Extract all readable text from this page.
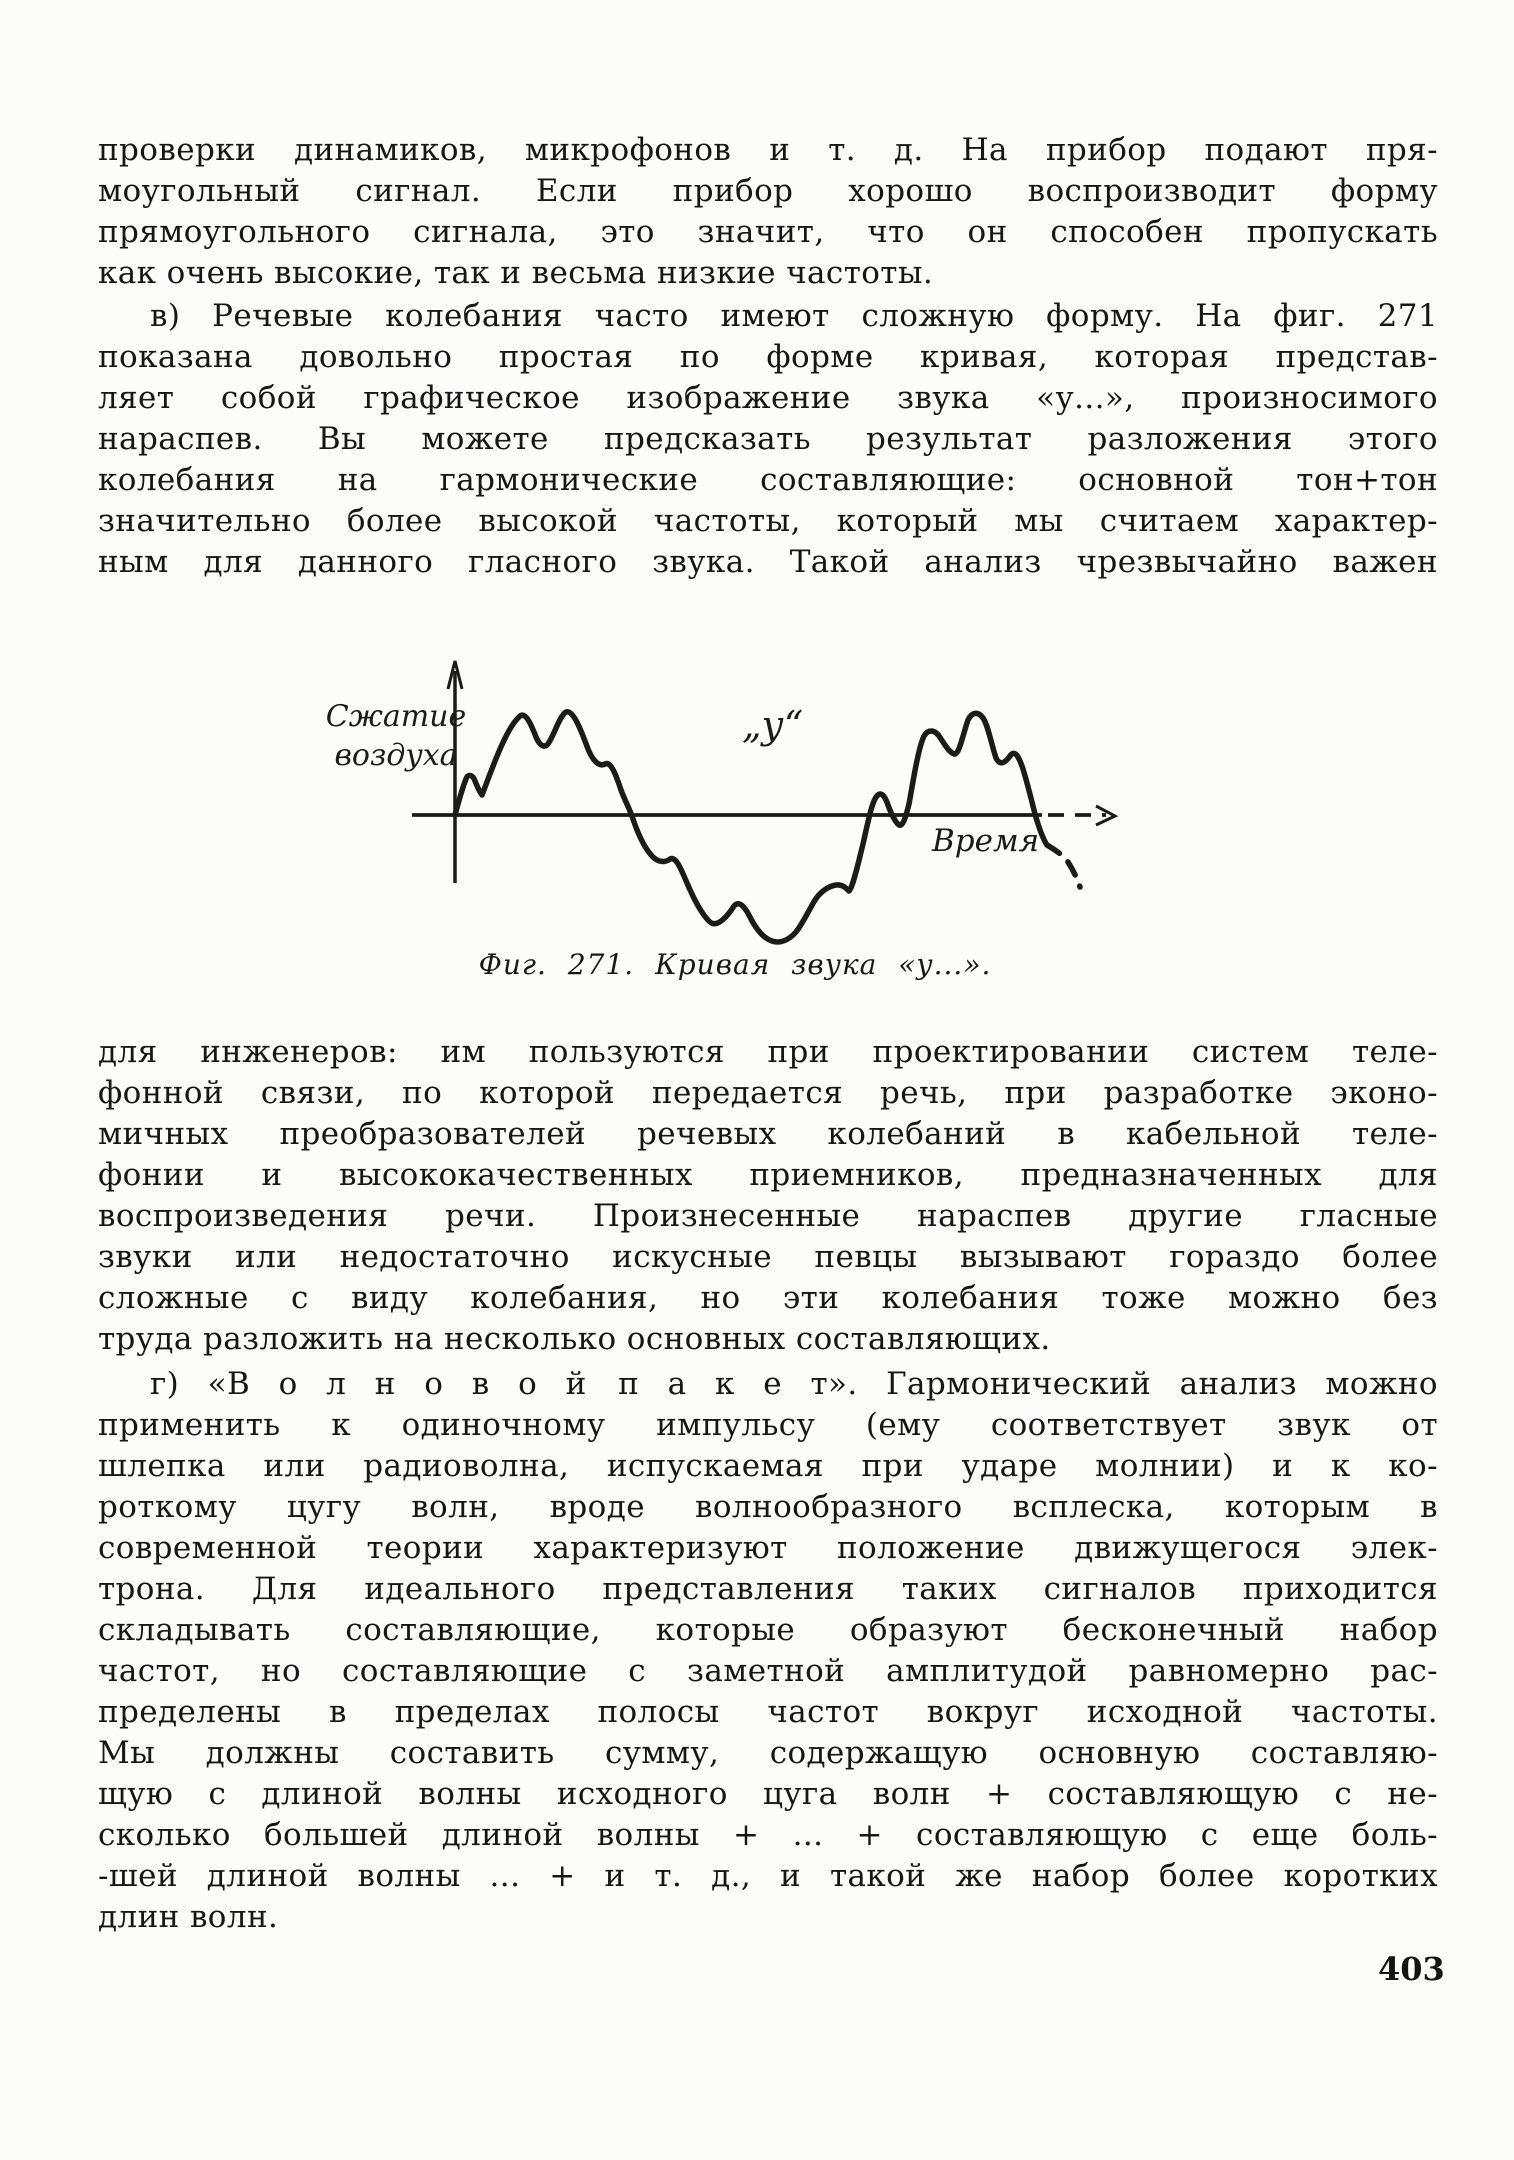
проверки динамиков, микрофонов и т. д. На прибор подают пря-
моугольный сигнал. Если прибор хорошо воспроизводит форму
прямоугольного сигнала, это значит, что он способен пропускать
как очень высокие, так и весьма низкие частоты.
в) Речевые колебания часто имеют сложную форму. На фиг. 271
показана довольно простая по форме кривая, которая представ-
ляет собой графическое изображение звука «у...», произносимого
нараспев. Вы можете предсказать результат разложения этого
колебания на гармонические составляющие: основной тон+тон
значительно более высокой частоты, который мы считаем характер-
ным для данного гласного звука. Такой анализ чрезвычайно важен
Сжатие
воздуха
„у“
Время
Фиг. 271. Кривая звука «у...».
для инженеров: им пользуются при проектировании систем теле-
фонной связи, по которой передается речь, при разработке эконо-
мичных преобразователей речевых колебаний в кабельной теле-
фонии и высококачественных приемников, предназначенных для
воспроизведения речи. Произнесенные нараспев другие гласные
звуки или недостаточно искусные певцы вызывают гораздо более
сложные с виду колебания, но эти колебания тоже можно без
труда разложить на несколько основных составляющих.
г) «В о л н о в о й п а к е т». Гармонический анализ можно
применить к одиночному импульсу (ему соответствует звук от
шлепка или радиоволна, испускаемая при ударе молнии) и к ко-
роткому цугу волн, вроде волнообразного всплеска, которым в
современной теории характеризуют положение движущегося элек-
трона. Для идеального представления таких сигналов приходится
складывать составляющие, которые образуют бесконечный набор
частот, но составляющие с заметной амплитудой равномерно рас-
пределены в пределах полосы частот вокруг исходной частоты.
Мы должны составить сумму, содержащую основную составляю-
щую с длиной волны исходного цуга волн + составляющую с не-
сколько большей длиной волны + ... + составляющую с еще боль-
-шей длиной волны ... + и т. д., и такой же набор более коротких
длин волн.
403
